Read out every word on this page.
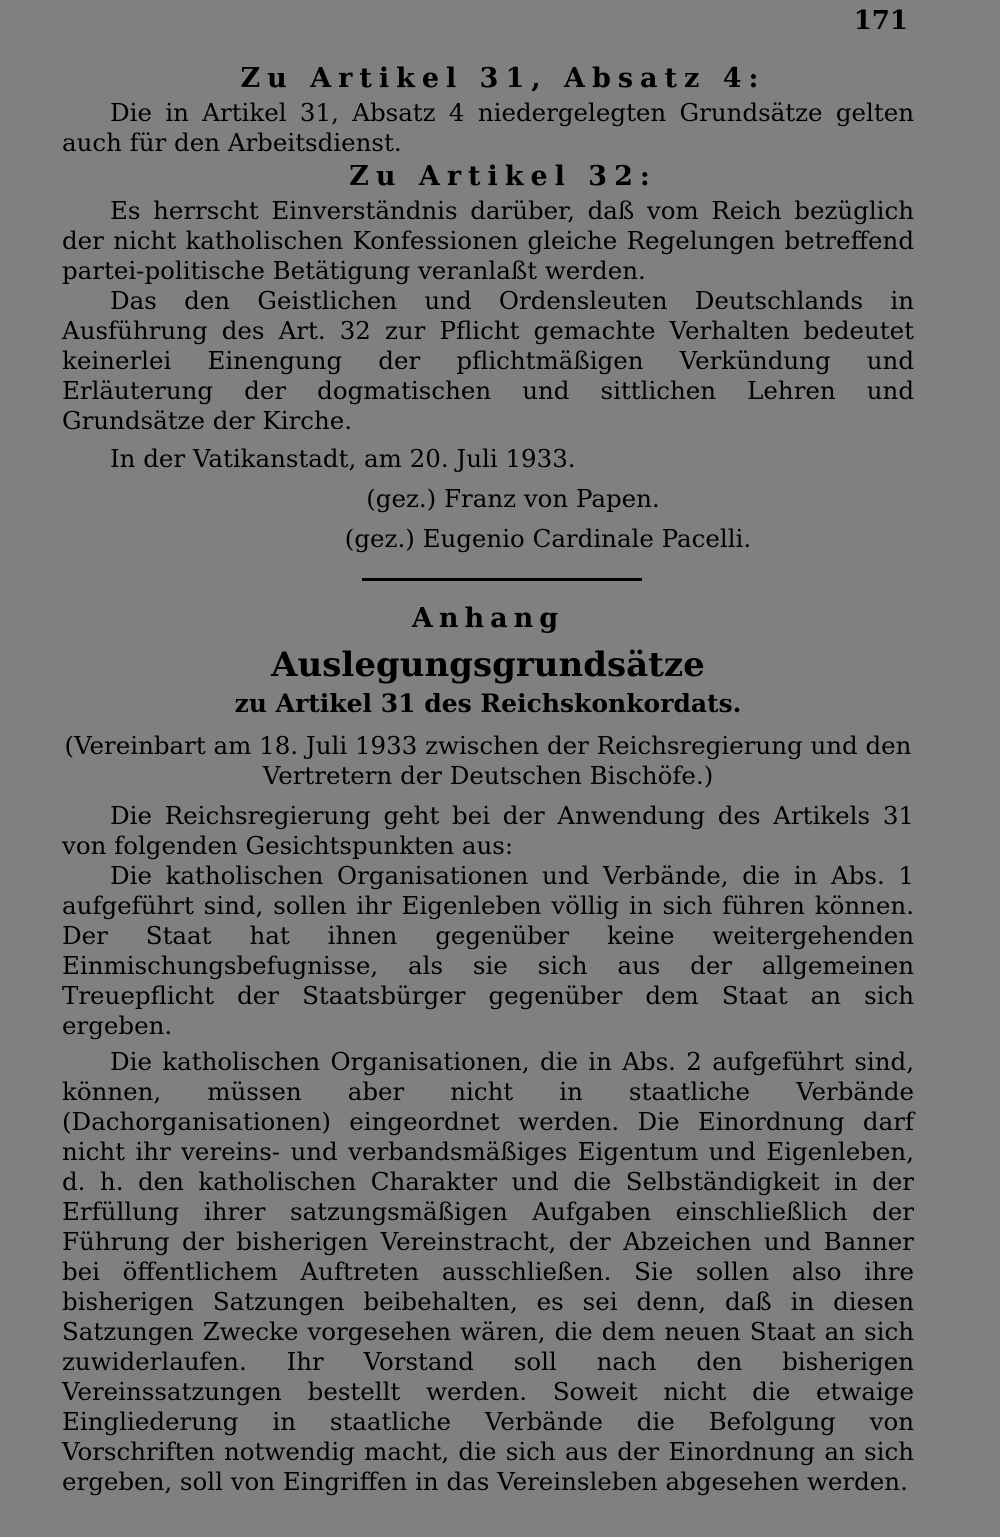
171
Zu Artikel 31, Absatz 4:

Die in Artikel 31, Absatz 4 niedergelegten Grundsätze gelten auch für den Arbeitsdienst.

Zu Artikel 32:

Es herrscht Einverständnis darüber, daß vom Reich bezüglich der nicht katholischen Konfessionen gleiche Regelungen betreffend partei-politische Betätigung veranlaßt werden.

Das den Geistlichen und Ordensleuten Deutschlands in Ausführung des Art. 32 zur Pflicht gemachte Verhalten bedeutet keinerlei Einengung der pflichtmäßigen Verkündung und Erläuterung der dogmatischen und sittlichen Lehren und Grundsätze der Kirche.

In der Vatikanstadt, am 20. Juli 1933.

(gez.) Franz von Papen.

(gez.) Eugenio Cardinale Pacelli.

Anhang
Auslegungsgrundsätze
zu Artikel 31 des Reichskonkordats.

(Vereinbart am 18. Juli 1933 zwischen der Reichsregierung und den Vertretern der Deutschen Bischöfe.)

Die Reichsregierung geht bei der Anwendung des Artikels 31 von folgenden Gesichtspunkten aus:

Die katholischen Organisationen und Verbände, die in Abs. 1 aufgeführt sind, sollen ihr Eigenleben völlig in sich führen können. Der Staat hat ihnen gegenüber keine weitergehenden Einmischungsbefugnisse, als sie sich aus der allgemeinen Treuepflicht der Staatsbürger gegenüber dem Staat an sich ergeben.

Die katholischen Organisationen, die in Abs. 2 aufgeführt sind, können, müssen aber nicht in staatliche Verbände (Dachorganisationen) eingeordnet werden. Die Einordnung darf nicht ihr vereins- und verbandsmäßiges Eigentum und Eigenleben, d. h. den katholischen Charakter und die Selbständigkeit in der Erfüllung ihrer satzungsmäßigen Aufgaben einschließlich der Führung der bisherigen Vereinstracht, der Abzeichen und Banner bei öffentlichem Auftreten ausschließen. Sie sollen also ihre bisherigen Satzungen beibehalten, es sei denn, daß in diesen Satzungen Zwecke vorgesehen wären, die dem neuen Staat an sich zuwiderlaufen. Ihr Vorstand soll nach den bisherigen Vereinssatzungen bestellt werden. Soweit nicht die etwaige Eingliederung in staatliche Verbände die Befolgung von Vorschriften notwendig macht, die sich aus der Einordnung an sich ergeben, soll von Eingriffen in das Vereinsleben abgesehen werden.
